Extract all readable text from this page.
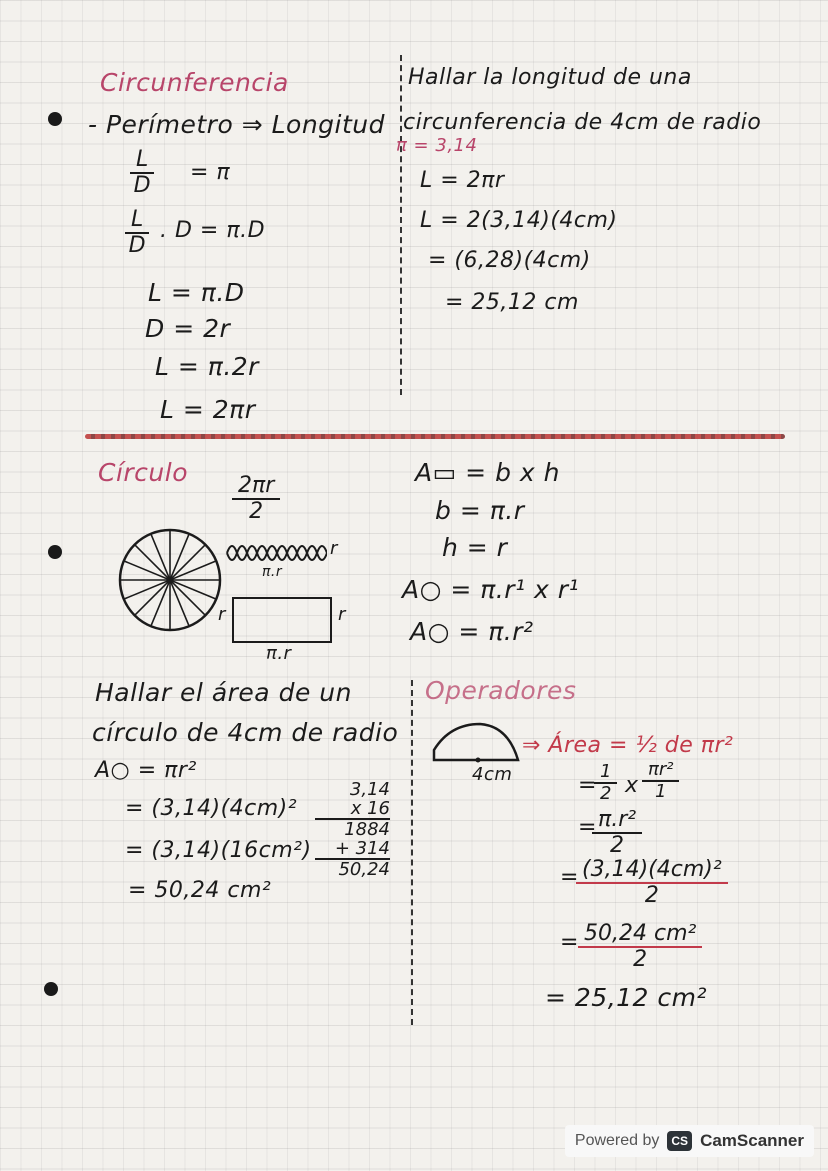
Circunferencia
- Perímetro ⇒ Longitud
$\frac{L}{D} = \pi$
$\frac{L}{D}$ . D = π.D
L = π.D
D = 2r
L = π.2r
L = 2πr
Hallar la longitud de una
circunferencia de 4cm de radio
π = 3,14
L = 2πr
L = 2(3,14)(4cm)
= (6,28)(4cm)
= 25,12 cm
Círculo
$\frac{2\pi r}{2}$
r
π.r
r	r
π.r
A▭ = b x h
b = π.r
h = r
A○ = π.r¹ x r¹
A○ = π.r²
Hallar el área de un
círculo de 4cm de radio
A○ = πr²
= (3,14)(4cm)²
= (3,14)(16cm²)
= 50,24 cm²
3,14
x 16
1884
+ 314
50,24
Operadores
4cm
⇒ Área = ½ de πr²
=
$\frac{1}{2}$ x $\frac{\text{πr²}}{1}$
=
$\frac{\text{π.r²}}{2}$
=
$\frac{\text{(3,14)(4cm)²}}{2}$
= $\frac{\text{50,24 cm²}}{2}$
= 25,12 cm²
Powered by	CS CamScanner
